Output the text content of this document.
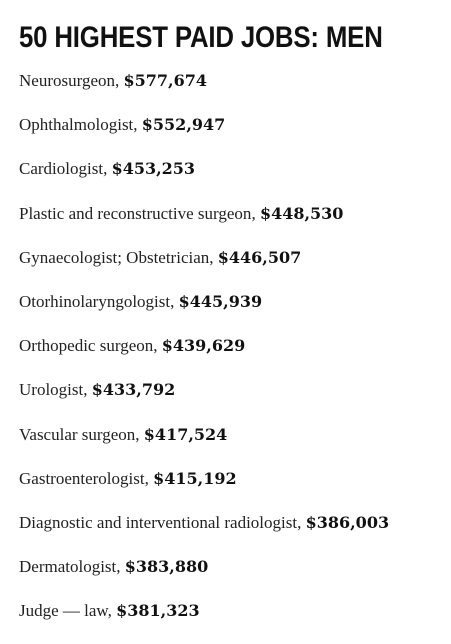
50 HIGHEST PAID JOBS: MEN
Neurosurgeon, $577,674
Ophthalmologist, $552,947
Cardiologist, $453,253
Plastic and reconstructive surgeon, $448,530
Gynaecologist; Obstetrician, $446,507
Otorhinolaryngologist, $445,939
Orthopedic surgeon, $439,629
Urologist, $433,792
Vascular surgeon, $417,524
Gastroenterologist, $415,192
Diagnostic and interventional radiologist, $386,003
Dermatologist, $383,880
Judge — law, $381,323
